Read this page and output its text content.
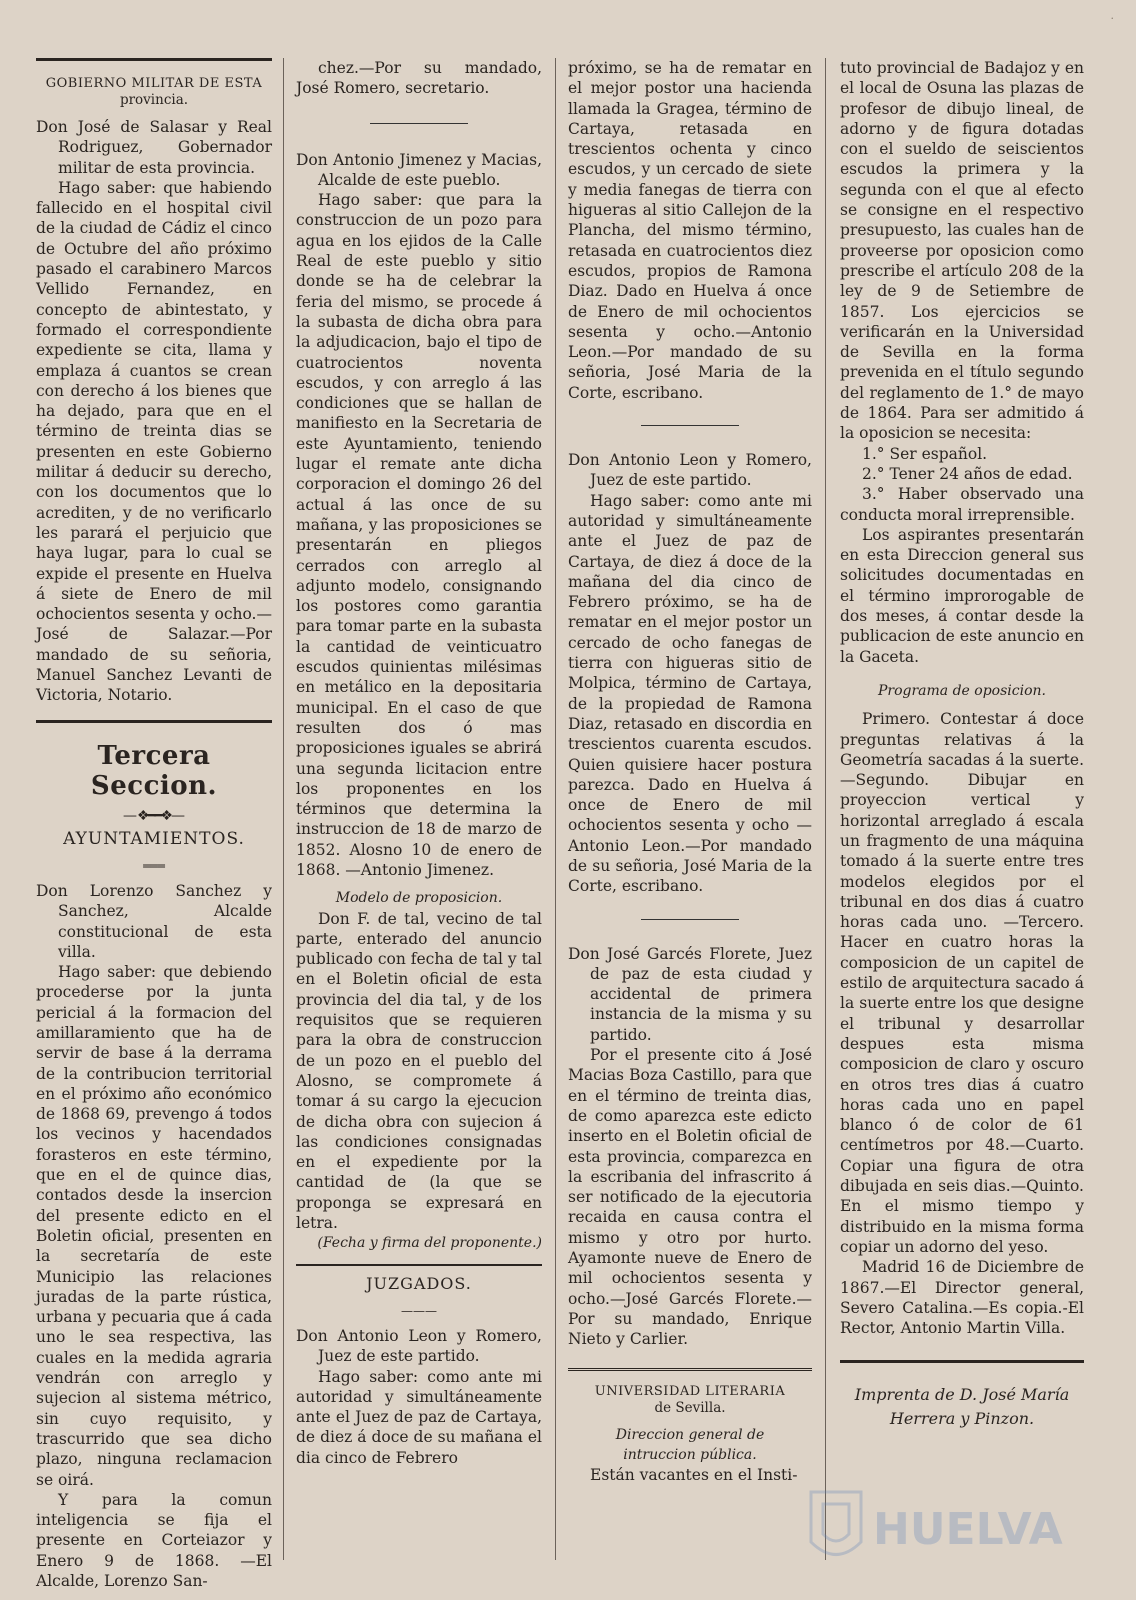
GOBIERNO MILITAR DE ESTA
provincia.

Don José de Salasar y Real Rodriguez, Gobernador militar de esta provincia.

Hago saber: que habiendo fallecido en el hospital civil de la ciudad de Cádiz el cinco de Octubre del año próximo pasado el carabinero Marcos Vellido Fernandez, en concepto de abintestato, y formado el correspondiente expediente se cita, llama y emplaza á cuantos se crean con derecho á los bienes que ha dejado, para que en el término de treinta dias se presenten en este Gobierno militar á deducir su derecho, con los documentos que lo acrediten, y de no verificarlo les parará el perjuicio que haya lugar, para lo cual se expide el presente en Huelva á siete de Enero de mil ochocientos sesenta y ocho.—José de Salazar.—Por mandado de su señoria, Manuel Sanchez Levanti de Victoria, Notario.

Tercera Seccion.
—❖━━❖—
AYUNTAMIENTOS.
═══

Don Lorenzo Sanchez y Sanchez, Alcalde constitucional de esta villa.

Hago saber: que debiendo procederse por la junta pericial á la formacion del amillaramiento que ha de servir de base á la derrama de la contribucion territorial en el próximo año económico de 1868 69, prevengo á todos los vecinos y hacendados forasteros en este término, que en el de quince dias, contados desde la insercion del presente edicto en el Boletin oficial, presenten en la secretaría de este Municipio las relaciones juradas de la parte rústica, urbana y pecuaria que á cada uno le sea respectiva, las cuales en la medida agraria vendrán con arreglo y sujecion al sistema métrico, sin cuyo requisito, y trascurrido que sea dicho plazo, ninguna reclamacion se oirá.

Y para la comun inteligencia se fija el presente en Corteiazor y Enero 9 de 1868. —El Alcalde, Lorenzo San-

chez.—Por su mandado, José Romero, secretario.

Don Antonio Jimenez y Macias, Alcalde de este pueblo.

Hago saber: que para la construccion de un pozo para agua en los ejidos de la Calle Real de este pueblo y sitio donde se ha de celebrar la feria del mismo, se procede á la subasta de dicha obra para la adjudicacion, bajo el tipo de cuatrocientos noventa escudos, y con arreglo á las condiciones que se hallan de manifiesto en la Secretaria de este Ayuntamiento, teniendo lugar el remate ante dicha corporacion el domingo 26 del actual á las once de su mañana, y las proposiciones se presentarán en pliegos cerrados con arreglo al adjunto modelo, consignando los postores como garantia para tomar parte en la subasta la cantidad de veinticuatro escudos quinientas milésimas en metálico en la depositaria municipal. En el caso de que resulten dos ó mas proposiciones iguales se abrirá una segunda licitacion entre los proponentes en los términos que determina la instruccion de 18 de marzo de 1852. Alosno 10 de enero de 1868. —Antonio Jimenez.

Modelo de proposicion.

Don F. de tal, vecino de tal parte, enterado del anuncio publicado con fecha de tal y tal en el Boletin oficial de esta provincia del dia tal, y de los requisitos que se requieren para la obra de construccion de un pozo en el pueblo del Alosno, se compromete á tomar á su cargo la ejecucion de dicha obra con sujecion á las condiciones consignadas en el expediente por la cantidad de (la que se proponga se expresará en letra.

(Fecha y firma del proponente.)

JUZGADOS.
———

Don Antonio Leon y Romero, Juez de este partido.

Hago saber: como ante mi autoridad y simultáneamente ante el Juez de paz de Cartaya, de diez á doce de su mañana el dia cinco de Febrero

próximo, se ha de rematar en el mejor postor una hacienda llamada la Gragea, término de Cartaya, retasada en trescientos ochenta y cinco escudos, y un cercado de siete y media fanegas de tierra con higueras al sitio Callejon de la Plancha, del mismo término, retasada en cuatrocientos diez escudos, propios de Ramona Diaz. Dado en Huelva á once de Enero de mil ochocientos sesenta y ocho.—Antonio Leon.—Por mandado de su señoria, José Maria de la Corte, escribano.

Don Antonio Leon y Romero, Juez de este partido.

Hago saber: como ante mi autoridad y simultáneamente ante el Juez de paz de Cartaya, de diez á doce de la mañana del dia cinco de Febrero próximo, se ha de rematar en el mejor postor un cercado de ocho fanegas de tierra con higueras sitio de Molpica, término de Cartaya, de la propiedad de Ramona Diaz, retasado en discordia en trescientos cuarenta escudos. Quien quisiere hacer postura parezca. Dado en Huelva á once de Enero de mil ochocientos sesenta y ocho —Antonio Leon.—Por mandado de su señoria, José Maria de la Corte, escribano.

Don José Garcés Florete, Juez de paz de esta ciudad y accidental de primera instancia de la misma y su partido.

Por el presente cito á José Macias Boza Castillo, para que en el término de treinta dias, de como aparezca este edicto inserto en el Boletin oficial de esta provincia, comparezca en la escribania del infrascrito á ser notificado de la ejecutoria recaida en causa contra el mismo y otro por hurto. Ayamonte nueve de Enero de mil ochocientos sesenta y ocho.—José Garcés Florete.—Por su mandado, Enrique Nieto y Carlier.

UNIVERSIDAD LITERARIA
de Sevilla.

Direccion general de intruccion pública.

Están vacantes en el Insti-

tuto provincial de Badajoz y en el local de Osuna las plazas de profesor de dibujo lineal, de adorno y de figura dotadas con el sueldo de seiscientos escudos la primera y la segunda con el que al efecto se consigne en el respectivo presupuesto, las cuales han de proveerse por oposicion como prescribe el artículo 208 de la ley de 9 de Setiembre de 1857. Los ejercicios se verificarán en la Universidad de Sevilla en la forma prevenida en el título segundo del reglamento de 1.° de mayo de 1864. Para ser admitido á la oposicion se necesita:

1.° Ser español.

2.° Tener 24 años de edad.

3.° Haber observado una conducta moral irreprensible.

Los aspirantes presentarán en esta Direccion general sus solicitudes documentadas en el término improrogable de dos meses, á contar desde la publicacion de este anuncio en la Gaceta.

Programa de oposicion.

Primero. Contestar á doce preguntas relativas á la Geometría sacadas á la suerte.—Segundo. Dibujar en proyeccion vertical y horizontal arreglado á escala un fragmento de una máquina tomado á la suerte entre tres modelos elegidos por el tribunal en dos dias á cuatro horas cada uno. —Tercero. Hacer en cuatro horas la composicion de un capitel de estilo de arquitectura sacado á la suerte entre los que designe el tribunal y desarrollar despues esta misma composicion de claro y oscuro en otros tres dias á cuatro horas cada uno en papel blanco ó de color de 61 centímetros por 48.—Cuarto. Copiar una figura de otra dibujada en seis dias.—Quinto. En el mismo tiempo y distribuido en la misma forma copiar un adorno del yeso.

Madrid 16 de Diciembre de 1867.—El Director general, Severo Catalina.—Es copia.-El Rector, Antonio Martin Villa.

Imprenta de D. José María Herrera y Pinzon.

HUELVA
·
